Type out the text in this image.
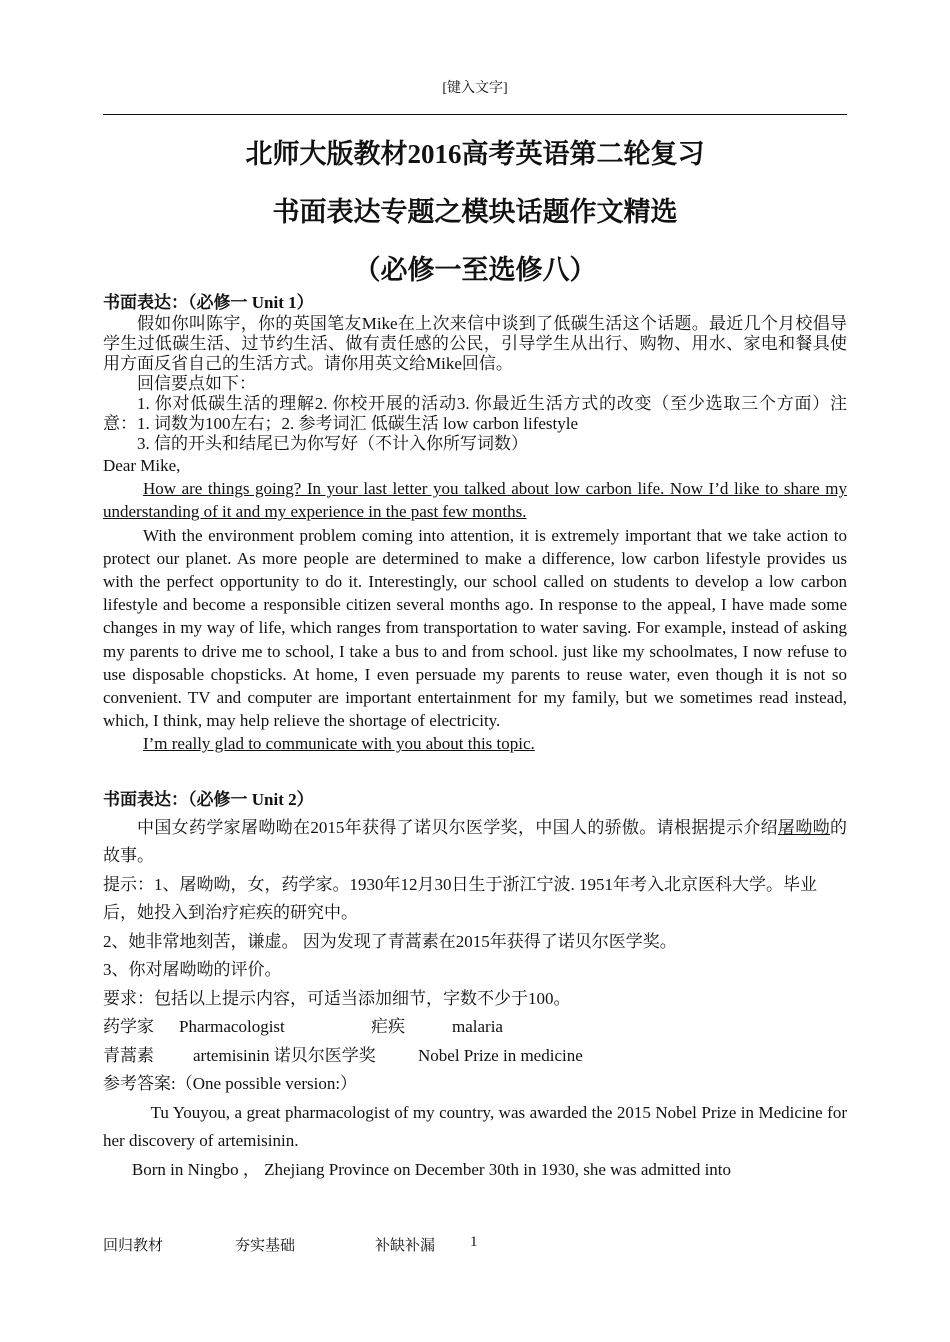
[键入文字]
北师大版教材2016高考英语第二轮复习
书面表达专题之模块话题作文精选
（必修一至选修八）
书面表达：（必修一 Unit 1）
假如你叫陈宇，你的英国笔友Mike在上次来信中谈到了低碳生活这个话题。最近几个月校倡导学生过低碳生活、过节约生活、做有责任感的公民，引导学生从出行、购物、用水、家电和餐具使用方面反省自己的生活方式。请你用英文给Mike回信。
回信要点如下：
1. 你对低碳生活的理解2. 你校开展的活动3. 你最近生活方式的改变（至少选取三个方面）注意：1. 词数为100左右；2. 参考词汇 低碳生活 low carbon lifestyle
3. 信的开头和结尾已为你写好（不计入你所写词数）
Dear Mike,
How are things going? In your last letter you talked about low carbon life. Now I’d like to share my understanding of it and my experience in the past few months.
With the environment problem coming into attention, it is extremely important that we take action to protect our planet. As more people are determined to make a difference, low carbon lifestyle provides us with the perfect opportunity to do it. Interestingly, our school called on students to develop a low carbon lifestyle and become a responsible citizen several months ago. In response to the appeal, I have made some changes in my way of life, which ranges from transportation to water saving. For example, instead of asking my parents to drive me to school, I take a bus to and from school. just like my schoolmates, I now refuse to use disposable chopsticks. At home, I even persuade my parents to reuse water, even though it is not so convenient. TV and computer are important entertainment for my family, but we sometimes read instead, which, I think, may help relieve the shortage of electricity.
I’m really glad to communicate with you about this topic.
书面表达：（必修一 Unit 2）
中国女药学家屠呦呦在2015年获得了诺贝尔医学奖，中国人的骄傲。请根据提示介绍屠呦呦的故事。
提示：1、屠呦呦，女，药学家。1930年12月30日生于浙江宁波. 1951年考入北京医科大学。毕业后，她投入到治疗疟疾的研究中。
2、她非常地刻苦，谦虚。 因为发现了青蒿素在2015年获得了诺贝尔医学奖。
3、你对屠呦呦的评价。
要求：包括以上提示内容，可适当添加细节，字数不少于100。
药学家 Pharmacologist	疟疾	malaria
青蒿素 artemisinin 诺贝尔医学奖 Nobel Prize in medicine
参考答案:（One possible version:）
Tu Youyou, a great pharmacologist of my country, was awarded the 2015 Nobel Prize in Medicine for her discovery of artemisinin.
Born in Ningbo ， Zhejiang Province on December 30th in 1930, she was admitted into
回归教材	夯实基础	补缺补漏 1
